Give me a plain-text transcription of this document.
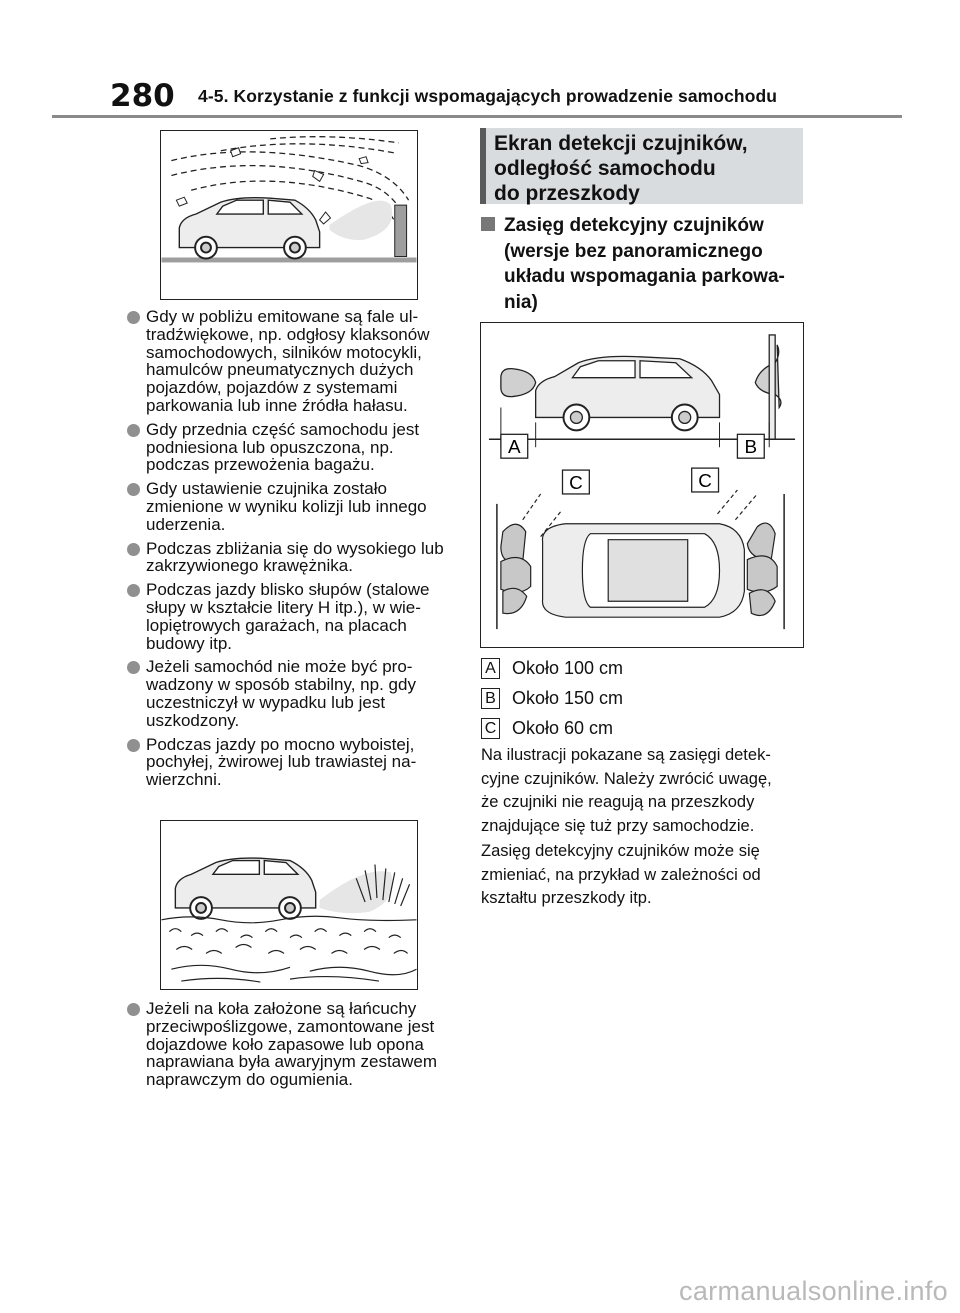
280 4-5. Korzystanie z funkcji wspomagających prowadzenie samochodu
Gdy w pobliżu emitowane są fale ul-tradźwiękowe, np. odgłosy klaksonów samochodowych, silników motocykli, hamulców pneumatycznych dużych pojazdów, pojazdów z systemami parkowania lub inne źródła hałasu.
Gdy przednia część samochodu jest podniesiona lub opuszczona, np. podczas przewożenia bagażu.
Gdy ustawienie czujnika zostało zmienione w wyniku kolizji lub innego uderzenia.
Podczas zbliżania się do wysokiego lub zakrzywionego krawężnika.
Podczas jazdy blisko słupów (stalowe słupy w kształcie litery H itp.), w wie-lopiętrowych garażach, na placach budowy itp.
Jeżeli samochód nie może być pro-wadzony w sposób stabilny, np. gdy uczestniczył w wypadku lub jest uszkodzony.
Podczas jazdy po mocno wyboistej, pochyłej, żwirowej lub trawiastej na-wierzchni.
Jeżeli na koła założone są łańcuchy przeciwpoślizgowe, zamontowane jest dojazdowe koło zapasowe lub opona naprawiana była awaryjnym zestawem naprawczym do ogumienia.
Ekran detekcji czujników,
odległość samochodu
do przeszkody
Zasięg detekcyjny czujników
(wersje bez panoramicznego
układu wspomagania parkowa-
nia)
A	B
C	C
A Około 100 cm
B Około 150 cm
C Około 60 cm
Na ilustracji pokazane są zasięgi detek-
cyjne czujników. Należy zwrócić uwagę,
że czujniki nie reagują na przeszkody
znajdujące się tuż przy samochodzie.
Zasięg detekcyjny czujników może się
zmieniać, na przykład w zależności od
kształtu przeszkody itp.
carmanualsonline.info
